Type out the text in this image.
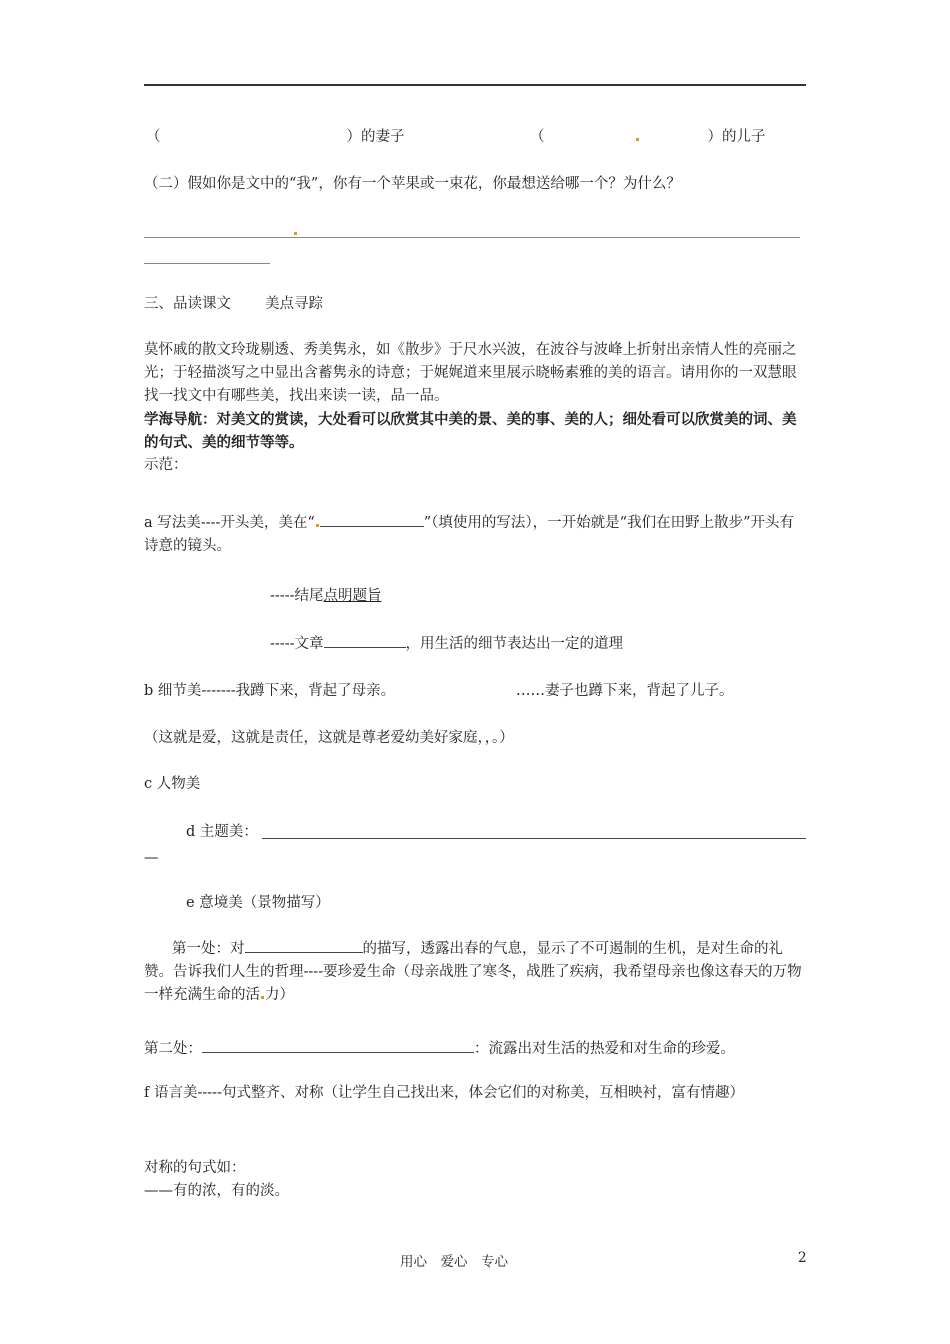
（	）的妻子	（	）的儿子
（二）假如你是文中的“我”，你有一个苹果或一束花，你最想送给哪一个？为什么？
三、品读课文 美点寻踪
莫怀戚的散文玲珑剔透、秀美隽永，如《散步》于尺水兴波，在波谷与波峰上折射出亲情人性的亮丽之光；于轻描淡写之中显出含蓄隽永的诗意；于娓娓道来里展示晓畅素雅的美的语言。请用你的一双慧眼找一找文中有哪些美，找出来读一读，品一品。
学海导航：对美文的赏读，大处看可以欣赏其中美的景、美的事、美的人；细处看可以欣赏美的词、美的句式、美的细节等等。
示范：
a 写法美----开头美，美在“	”（填使用的写法），一开始就是“我们在田野上散步”开头有诗意的镜头。
-----结尾点明题旨
-----文章	，用生活的细节表达出一定的道理
b 细节美-------我蹲下来，背起了母亲。	……妻子也蹲下来，背起了儿子。
（这就是爱，这就是责任，这就是尊老爱幼美好家庭，，。）
c 人物美
d 主题美：
—
e 意境美（景物描写）
第一处：对	的描写，透露出春的气息，显示了不可遏制的生机，是对生命的礼赞。告诉我们人生的哲理----要珍爱生命（母亲战胜了寒冬，战胜了疾病，我希望母亲也像这春天的万物一样充满生命的活 力）
第二处：	：流露出对生活的热爱和对生命的珍爱。
f 语言美-----句式整齐、对称（让学生自己找出来，体会它们的对称美，互相映衬，富有情趣）
对称的句式如：
——有的浓，有的淡。
用心　爱心　专心	2
